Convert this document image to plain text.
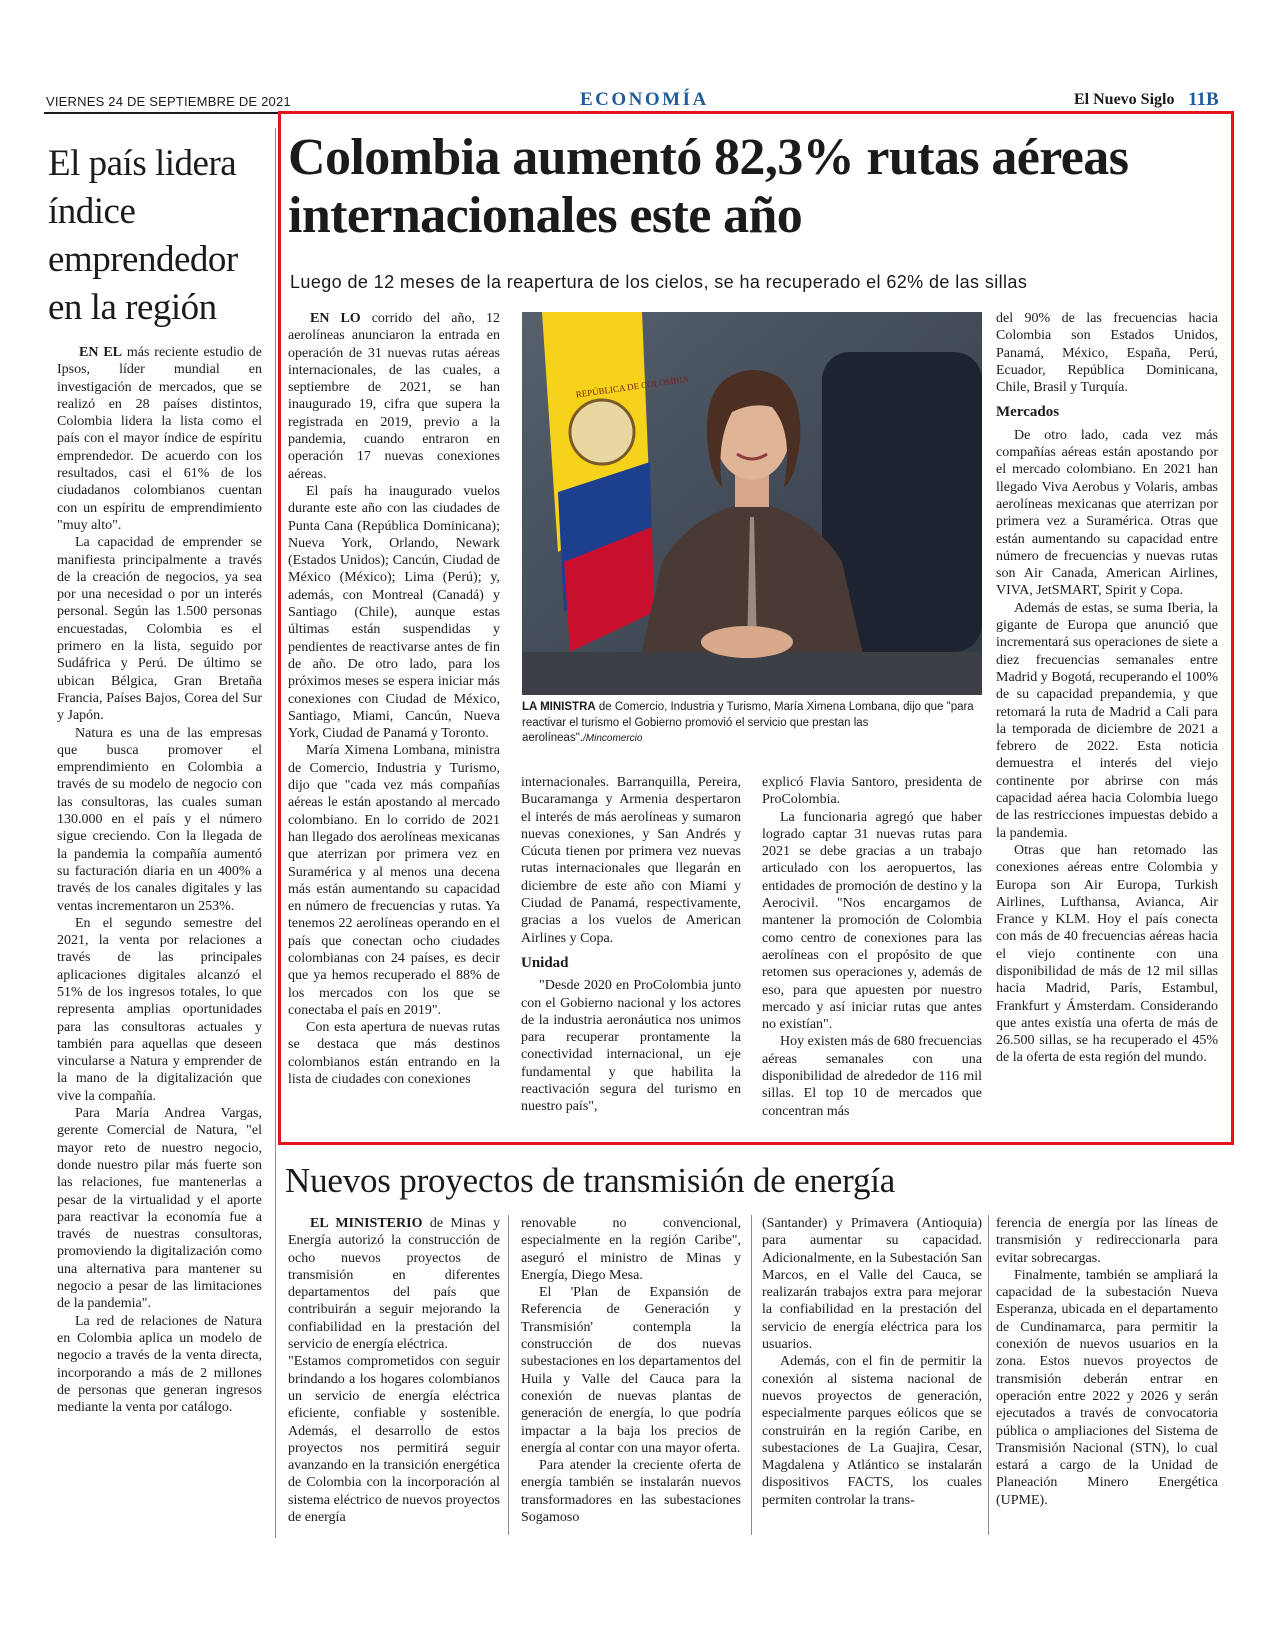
VIERNES 24 DE SEPTIEMBRE DE 2021	ECONOMÍA	El Nuevo Siglo 11B
El país lidera índice emprendedor en la región

EN EL más reciente estudio de Ipsos, líder mundial en investigación de mercados, que se realizó en 28 países distintos, Colombia lidera la lista como el país con el mayor índice de espíritu emprendedor. De acuerdo con los resultados, casi el 61% de los ciudadanos colombianos cuentan con un espíritu de emprendimiento "muy alto".

La capacidad de emprender se manifiesta principalmente a través de la creación de negocios, ya sea por una necesidad o por un interés personal. Según las 1.500 personas encuestadas, Colombia es el primero en la lista, seguido por Sudáfrica y Perú. De último se ubican Bélgica, Gran Bretaña Francia, Países Bajos, Corea del Sur y Japón.

Natura es una de las empresas que busca promover el emprendimiento en Colombia a través de su modelo de negocio con las consultoras, las cuales suman 130.000 en el país y el número sigue creciendo. Con la llegada de la pandemia la compañía aumentó su facturación diaria en un 400% a través de los canales digitales y las ventas incrementaron un 253%.

En el segundo semestre del 2021, la venta por relaciones a través de las principales aplicaciones digitales alcanzó el 51% de los ingresos totales, lo que representa amplias oportunidades para las consultoras actuales y también para aquellas que deseen vincularse a Natura y emprender de la mano de la digitalización que vive la compañía.

Para María Andrea Vargas, gerente Comercial de Natura, "el mayor reto de nuestro negocio, donde nuestro pilar más fuerte son las relaciones, fue mantenerlas a pesar de la virtualidad y el aporte para reactivar la economía fue a través de nuestras consultoras, promoviendo la digitalización como una alternativa para mantener su negocio a pesar de las limitaciones de la pandemia".

La red de relaciones de Natura en Colombia aplica un modelo de negocio a través de la venta directa, incorporando a más de 2 millones de personas que generan ingresos mediante la venta por catálogo.

Colombia aumentó 82,3% rutas aéreas internacionales este año
Luego de 12 meses de la reapertura de los cielos, se ha recuperado el 62% de las sillas

EN LO corrido del año, 12 aerolíneas anunciaron la entrada en operación de 31 nuevas rutas aéreas internacionales, de las cuales, a septiembre de 2021, se han inaugurado 19, cifra que supera la registrada en 2019, previo a la pandemia, cuando entraron en operación 17 nuevas conexiones aéreas.

El país ha inaugurado vuelos durante este año con las ciudades de Punta Cana (República Dominicana); Nueva York, Orlando, Newark (Estados Unidos); Cancún, Ciudad de México (México); Lima (Perú); y, además, con Montreal (Canadá) y Santiago (Chile), aunque estas últimas están suspendidas y pendientes de reactivarse antes de fin de año. De otro lado, para los próximos meses se espera iniciar más conexiones con Ciudad de México, Santiago, Miami, Cancún, Nueva York, Ciudad de Panamá y Toronto.

María Ximena Lombana, ministra de Comercio, Industria y Turismo, dijo que "cada vez más compañías aéreas le están apostando al mercado colombiano. En lo corrido de 2021 han llegado dos aerolíneas mexicanas que aterrizan por primera vez en Suramérica y al menos una decena más están aumentando su capacidad en número de frecuencias y rutas. Ya tenemos 22 aerolíneas operando en el país que conectan ocho ciudades colombianas con 24 países, es decir que ya hemos recuperado el 88% de los mercados con los que se conectaba el país en 2019".

Con esta apertura de nuevas rutas se destaca que más destinos colombianos están entrando en la lista de ciudades con conexiones

REPÚBLICA DE COLOMBIA
LA MINISTRA de Comercio, Industria y Turismo, María Ximena Lombana, dijo que "para reactivar el turismo el Gobierno promovió el servicio que prestan las aerolíneas"./Mincomercio

internacionales. Barranquilla, Pereira, Bucaramanga y Armenia despertaron el interés de más aerolíneas y sumaron nuevas conexiones, y San Andrés y Cúcuta tienen por primera vez nuevas rutas internacionales que llegarán en diciembre de este año con Miami y Ciudad de Panamá, respectivamente, gracias a los vuelos de American Airlines y Copa.

Unidad

"Desde 2020 en ProColombia junto con el Gobierno nacional y los actores de la industria aeronáutica nos unimos para recuperar prontamente la conectividad internacional, un eje fundamental y que habilita la reactivación segura del turismo en nuestro país",

explicó Flavia Santoro, presidenta de ProColombia.

La funcionaria agregó que haber logrado captar 31 nuevas rutas para 2021 se debe gracias a un trabajo articulado con los aeropuertos, las entidades de promoción de destino y la Aerocivil. "Nos encargamos de mantener la promoción de Colombia como centro de conexiones para las aerolíneas con el propósito de que retomen sus operaciones y, además de eso, para que apuesten por nuestro mercado y así iniciar rutas que antes no existían".

Hoy existen más de 680 frecuencias aéreas semanales con una disponibilidad de alrededor de 116 mil sillas. El top 10 de mercados que concentran más

del 90% de las frecuencias hacia Colombia son Estados Unidos, Panamá, México, España, Perú, Ecuador, República Dominicana, Chile, Brasil y Turquía.

Mercados

De otro lado, cada vez más compañías aéreas están apostando por el mercado colombiano. En 2021 han llegado Viva Aerobus y Volaris, ambas aerolíneas mexicanas que aterrizan por primera vez a Suramérica. Otras que están aumentando su capacidad entre número de frecuencias y nuevas rutas son Air Canada, American Airlines, VIVA, JetSMART, Spirit y Copa.

Además de estas, se suma Iberia, la gigante de Europa que anunció que incrementará sus operaciones de siete a diez frecuencias semanales entre Madrid y Bogotá, recuperando el 100% de su capacidad prepandemia, y que retomará la ruta de Madrid a Cali para la temporada de diciembre de 2021 a febrero de 2022. Esta noticia demuestra el interés del viejo continente por abrirse con más capacidad aérea hacia Colombia luego de las restricciones impuestas debido a la pandemia.

Otras que han retomado las conexiones aéreas entre Colombia y Europa son Air Europa, Turkish Airlines, Lufthansa, Avianca, Air France y KLM. Hoy el país conecta con más de 40 frecuencias aéreas hacia el viejo continente con una disponibilidad de más de 12 mil sillas hacia Madrid, París, Estambul, Frankfurt y Ámsterdam. Considerando que antes existía una oferta de más de 26.500 sillas, se ha recuperado el 45% de la oferta de esta región del mundo.

Nuevos proyectos de transmisión de energía

EL MINISTERIO de Minas y Energía autorizó la construcción de ocho nuevos proyectos de transmisión en diferentes departamentos del país que contribuirán a seguir mejorando la confiabilidad en la prestación del servicio de energía eléctrica.

"Estamos comprometidos con seguir brindando a los hogares colombianos un servicio de energía eléctrica eficiente, confiable y sostenible. Además, el desarrollo de estos proyectos nos permitirá seguir avanzando en la transición energética de Colombia con la incorporación al sistema eléctrico de nuevos proyectos de energía

renovable no convencional, especialmente en la región Caribe", aseguró el ministro de Minas y Energía, Diego Mesa.

El 'Plan de Expansión de Referencia de Generación y Transmisión' contempla la construcción de dos nuevas subestaciones en los departamentos del Huila y Valle del Cauca para la conexión de nuevas plantas de generación de energía, lo que podría impactar a la baja los precios de energía al contar con una mayor oferta.

Para atender la creciente oferta de energía también se instalarán nuevos transformadores en las subestaciones Sogamoso

(Santander) y Primavera (Antioquia) para aumentar su capacidad. Adicionalmente, en la Subestación San Marcos, en el Valle del Cauca, se realizarán trabajos extra para mejorar la confiabilidad en la prestación del servicio de energía eléctrica para los usuarios.

Además, con el fin de permitir la conexión al sistema nacional de nuevos proyectos de generación, especialmente parques eólicos que se construirán en la región Caribe, en subestaciones de La Guajira, Cesar, Magdalena y Atlántico se instalarán dispositivos FACTS, los cuales permiten controlar la trans-

ferencia de energía por las líneas de transmisión y redireccionarla para evitar sobrecargas.

Finalmente, también se ampliará la capacidad de la subestación Nueva Esperanza, ubicada en el departamento de Cundinamarca, para permitir la conexión de nuevos usuarios en la zona. Estos nuevos proyectos de transmisión deberán entrar en operación entre 2022 y 2026 y serán ejecutados a través de convocatoria pública o ampliaciones del Sistema de Transmisión Nacional (STN), lo cual estará a cargo de la Unidad de Planeación Minero Energética (UPME).
